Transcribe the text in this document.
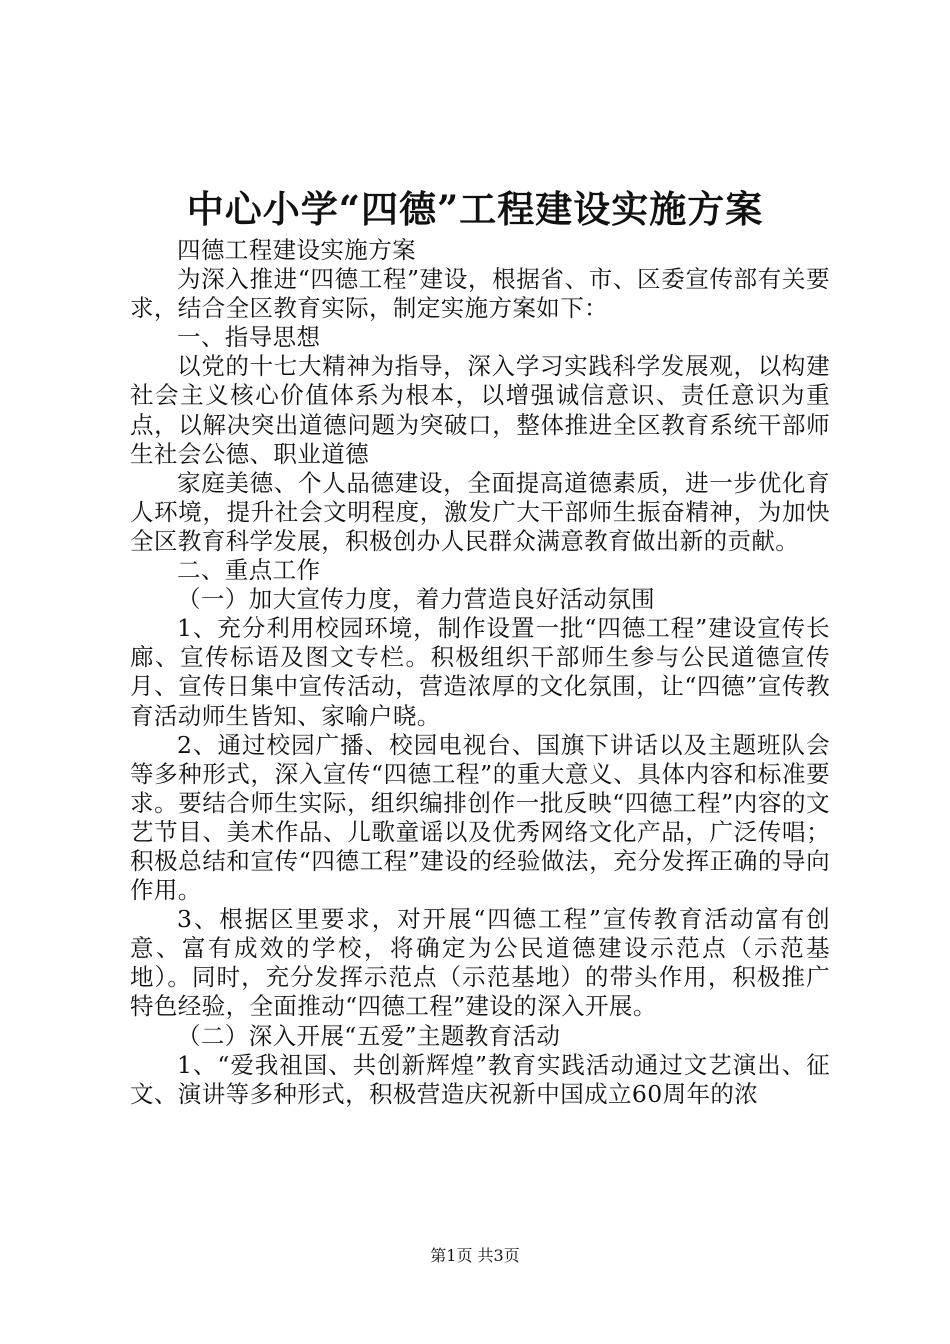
中心小学“四德”工程建设实施方案

四德工程建设实施方案

为深入推进“四德工程”建设，根据省、市、区委宣传部有关要求，结合全区教育实际，制定实施方案如下：

一、指导思想

以党的十七大精神为指导，深入学习实践科学发展观，以构建社会主义核心价值体系为根本，以增强诚信意识、责任意识为重点，以解决突出道德问题为突破口，整体推进全区教育系统干部师生社会公德、职业道德

家庭美德、个人品德建设，全面提高道德素质，进一步优化育人环境，提升社会文明程度，激发广大干部师生振奋精神，为加快全区教育科学发展，积极创办人民群众满意教育做出新的贡献。

二、重点工作

（一）加大宣传力度，着力营造良好活动氛围

1、充分利用校园环境，制作设置一批“四德工程”建设宣传长廊、宣传标语及图文专栏。积极组织干部师生参与公民道德宣传月、宣传日集中宣传活动，营造浓厚的文化氛围，让“四德”宣传教育活动师生皆知、家喻户晓。

2、通过校园广播、校园电视台、国旗下讲话以及主题班队会等多种形式，深入宣传“四德工程”的重大意义、具体内容和标准要求。要结合师生实际，组织编排创作一批反映“四德工程”内容的文艺节目、美术作品、儿歌童谣以及优秀网络文化产品，广泛传唱；积极总结和宣传“四德工程”建设的经验做法，充分发挥正确的导向作用。

3、根据区里要求，对开展“四德工程”宣传教育活动富有创意、富有成效的学校，将确定为公民道德建设示范点（示范基地）。同时，充分发挥示范点（示范基地）的带头作用，积极推广特色经验，全面推动“四德工程”建设的深入开展。

（二）深入开展“五爱”主题教育活动

1、“爱我祖国、共创新辉煌”教育实践活动通过文艺演出、征文、演讲等多种形式，积极营造庆祝新中国成立60周年的浓

第1页 共3页
